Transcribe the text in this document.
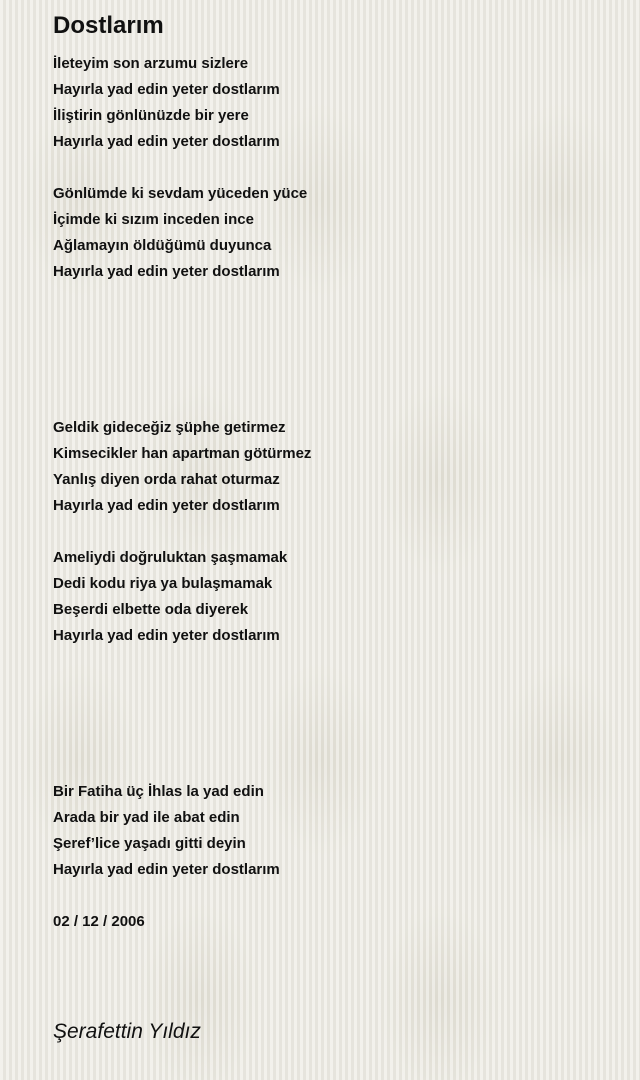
Dostlarım
İleteyim son arzumu sizlere
Hayırla yad edin yeter dostlarım
İliştirin gönlünüzde bir yere
Hayırla yad edin yeter dostlarım
Gönlümde ki sevdam yüceden yüce
İçimde ki sızım inceden ince
Ağlamayın öldüğümü duyunca
Hayırla yad edin yeter dostlarım
Geldik gideceğiz şüphe getirmez
Kimsecikler han apartman götürmez
Yanlış diyen orda rahat oturmaz
Hayırla yad edin yeter dostlarım
Ameliydi doğruluktan şaşmamak
Dedi kodu riya ya bulaşmamak
Beşerdi elbette oda diyerek
Hayırla yad edin yeter dostlarım
Bir Fatiha üç İhlas la yad edin
Arada bir yad ile abat edin
Şeref’lice yaşadı gitti deyin
Hayırla yad edin yeter dostlarım
02 / 12 / 2006
Şerafettin Yıldız
